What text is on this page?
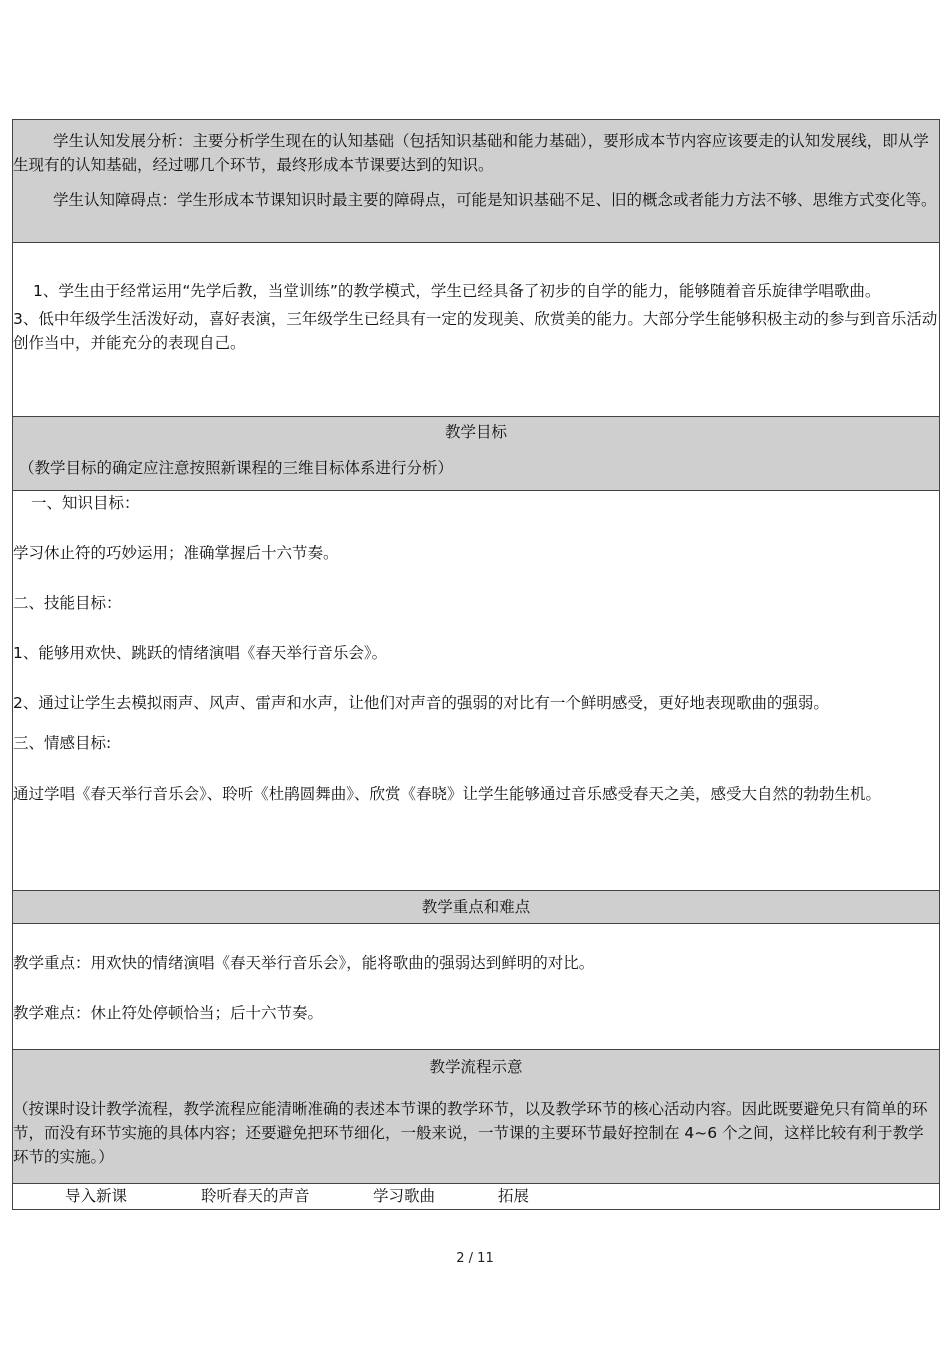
学生认知发展分析：主要分析学生现在的认知基础（包括知识基础和能力基础），要形成本节内容应该要走的认知发展线，即从学生现有的认知基础，经过哪几个环节，最终形成本节课要达到的知识。

学生认知障碍点：学生形成本节课知识时最主要的障碍点，可能是知识基础不足、旧的概念或者能力方法不够、思维方式变化等。

1、学生由于经常运用“先学后教，当堂训练”的教学模式，学生已经具备了初步的自学的能力，能够随着音乐旋律学唱歌曲。

3、低中年级学生活泼好动，喜好表演，三年级学生已经具有一定的发现美、欣赏美的能力。大部分学生能够积极主动的参与到音乐活动创作当中，并能充分的表现自己。

教学目标

（教学目标的确定应注意按照新课程的三维目标体系进行分析）

一、知识目标：

学习休止符的巧妙运用；准确掌握后十六节奏。

二、技能目标：

1、能够用欢快、跳跃的情绪演唱《春天举行音乐会》。

2、通过让学生去模拟雨声、风声、雷声和水声，让他们对声音的强弱的对比有一个鲜明感受，更好地表现歌曲的强弱。

三、情感目标:

通过学唱《春天举行音乐会》、聆听《杜鹃圆舞曲》、欣赏《春晓》让学生能够通过音乐感受春天之美，感受大自然的勃勃生机。

教学重点和难点

教学重点：用欢快的情绪演唱《春天举行音乐会》，能将歌曲的强弱达到鲜明的对比。

教学难点：休止符处停顿恰当；后十六节奏。

教学流程示意

（按课时设计教学流程，教学流程应能清晰准确的表述本节课的教学环节，以及教学环节的核心活动内容。因此既要避免只有简单的环节，而没有环节实施的具体内容；还要避免把环节细化，一般来说，一节课的主要环节最好控制在 4~6 个之间，这样比较有利于教学环节的实施。）

导入新课	聆听春天的声音	学习歌曲	拓展
2 / 11
